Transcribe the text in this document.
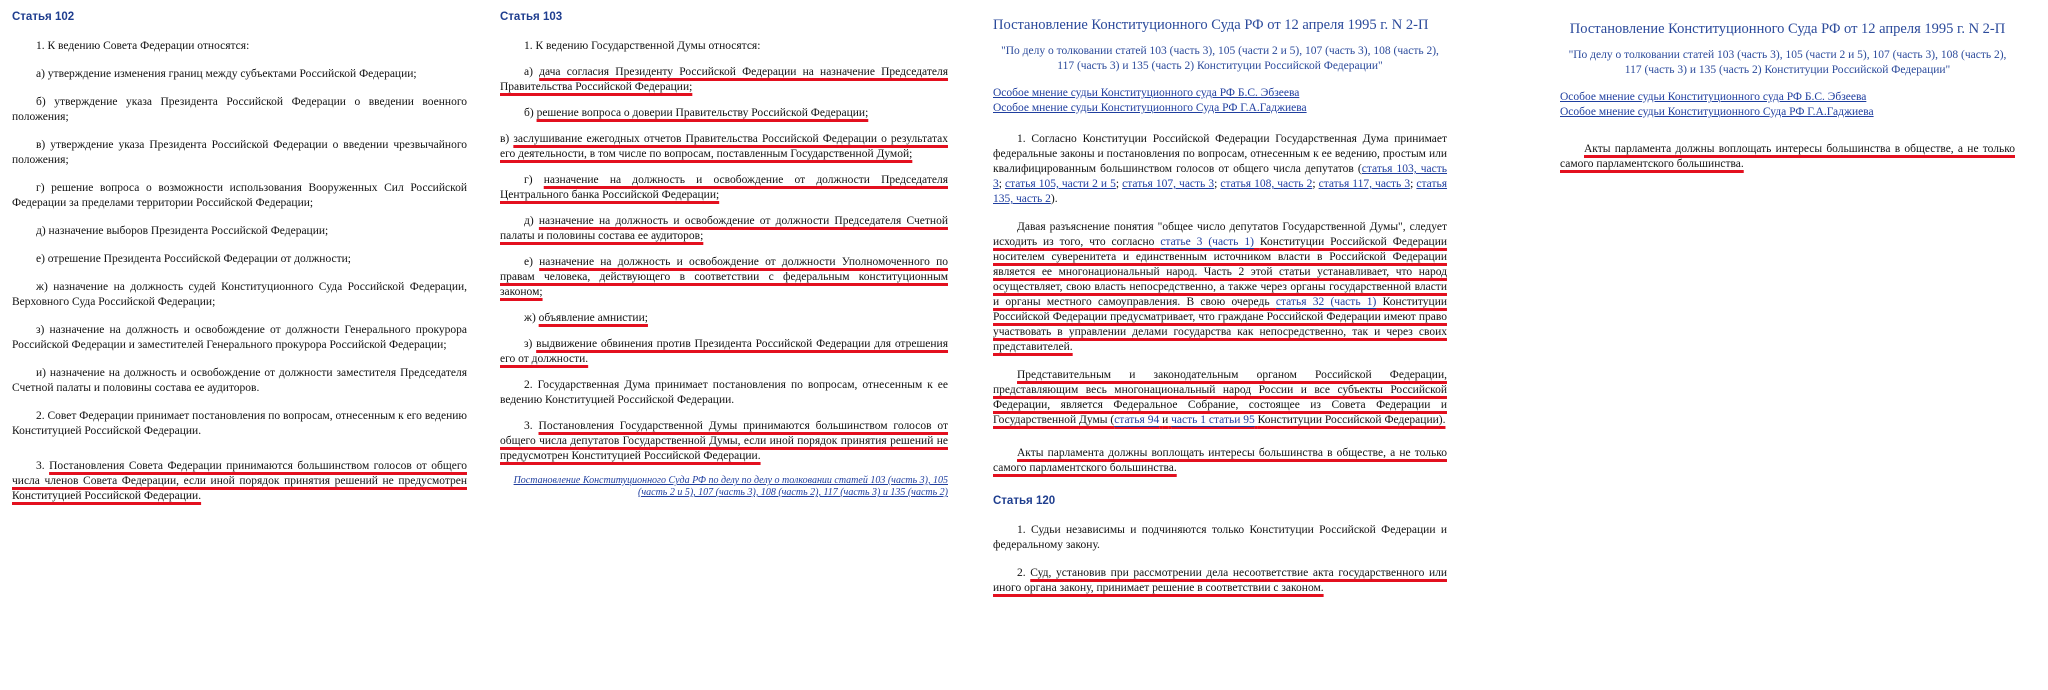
Статья 102

1. К ведению Совета Федерации относятся:

а) утверждение изменения границ между субъектами Российской Федерации;

б) утверждение указа Президента Российской Федерации о введении военного положения;

в) утверждение указа Президента Российской Федерации о введении чрезвычайного положения;

г) решение вопроса о возможности использования Вооруженных Сил Российской Федерации за пределами территории Российской Федерации;

д) назначение выборов Президента Российской Федерации;

е) отрешение Президента Российской Федерации от должности;

ж) назначение на должность судей Конституционного Суда Российской Федерации, Верховного Суда Российской Федерации;

з) назначение на должность и освобождение от должности Генерального прокурора Российской Федерации и заместителей Генерального прокурора Российской Федерации;

и) назначение на должность и освобождение от должности заместителя Председателя Счетной палаты и половины состава ее аудиторов.

2. Совет Федерации принимает постановления по вопросам, отнесенным к его ведению Конституцией Российской Федерации.

3. Постановления Совета Федерации принимаются большинством голосов от общего числа членов Совета Федерации, если иной порядок принятия решений не предусмотрен Конституцией Российской Федерации.

Статья 103

1. К ведению Государственной Думы относятся:

а) дача согласия Президенту Российской Федерации на назначение Председателя Правительства Российской Федерации;

б) решение вопроса о доверии Правительству Российской Федерации;

в) заслушивание ежегодных отчетов Правительства Российской Федерации о результатах его деятельности, в том числе по вопросам, поставленным Государственной Думой;

г) назначение на должность и освобождение от должности Председателя Центрального банка Российской Федерации;

д) назначение на должность и освобождение от должности Председателя Счетной палаты и половины состава ее аудиторов;

е) назначение на должность и освобождение от должности Уполномоченного по правам человека, действующего в соответствии с федеральным конституционным законом;

ж) объявление амнистии;

з) выдвижение обвинения против Президента Российской Федерации для отрешения его от должности.

2. Государственная Дума принимает постановления по вопросам, отнесенным к ее ведению Конституцией Российской Федерации.

3. Постановления Государственной Думы принимаются большинством голосов от общего числа депутатов Государственной Думы, если иной порядок принятия решений не предусмотрен Конституцией Российской Федерации.

Постановление Конституционного Суда РФ по делу по делу о толковании статей 103 (часть 3), 105 (часть 2 и 5), 107 (часть 3), 108 (часть 2), 117 (часть 3) и 135 (часть 2)
Постановление Конституционного Суда РФ от 12 апреля 1995 г. N 2-П
"По делу о толковании статей 103 (часть 3), 105 (части 2 и 5), 107 (часть 3), 108 (часть 2), 117 (часть 3) и 135 (часть 2) Конституции Российской Федерации"
Особое мнение судьи Конституционного суда РФ Б.С. Эбзеева
Особое мнение судьи Конституционного Суда РФ Г.А.Гаджиева

1. Согласно Конституции Российской Федерации Государственная Дума принимает федеральные законы и постановления по вопросам, отнесенным к ее ведению, простым или квалифицированным большинством голосов от общего числа депутатов (статья 103, часть 3; статья 105, части 2 и 5; статья 107, часть 3; статья 108, часть 2; статья 117, часть 3; статья 135, часть 2).

Давая разъяснение понятия "общее число депутатов Государственной Думы", следует исходить из того, что согласно статье 3 (часть 1) Конституции Российской Федерации носителем суверенитета и единственным источником власти в Российской Федерации является ее многонациональный народ. Часть 2 этой статьи устанавливает, что народ осуществляет, свою власть непосредственно, а также через органы государственной власти и органы местного самоуправления. В свою очередь статья 32 (часть 1) Конституции Российской Федерации предусматривает, что граждане Российской Федерации имеют право участвовать в управлении делами государства как непосредственно, так и через своих представителей.

Представительным и законодательным органом Российской Федерации, представляющим весь многонациональный народ России и все субъекты Российской Федерации, является Федеральное Собрание, состоящее из Совета Федерации и Государственной Думы (статья 94 и часть 1 статьи 95 Конституции Российской Федерации).

Акты парламента должны воплощать интересы большинства в обществе, а не только самого парламентского большинства.

Статья 120

1. Судьи независимы и подчиняются только Конституции Российской Федерации и федеральному закону.

2. Суд, установив при рассмотрении дела несоответствие акта государственного или иного органа закону, принимает решение в соответствии с законом.

Постановление Конституционного Суда РФ от 12 апреля 1995 г. N 2-П
"По делу о толковании статей 103 (часть 3), 105 (части 2 и 5), 107 (часть 3), 108 (часть 2), 117 (часть 3) и 135 (часть 2) Конституции Российской Федерации"
Особое мнение судьи Конституционного суда РФ Б.С. Эбзеева
Особое мнение судьи Конституционного Суда РФ Г.А.Гаджиева

Акты парламента должны воплощать интересы большинства в обществе, а не только самого парламентского большинства.
